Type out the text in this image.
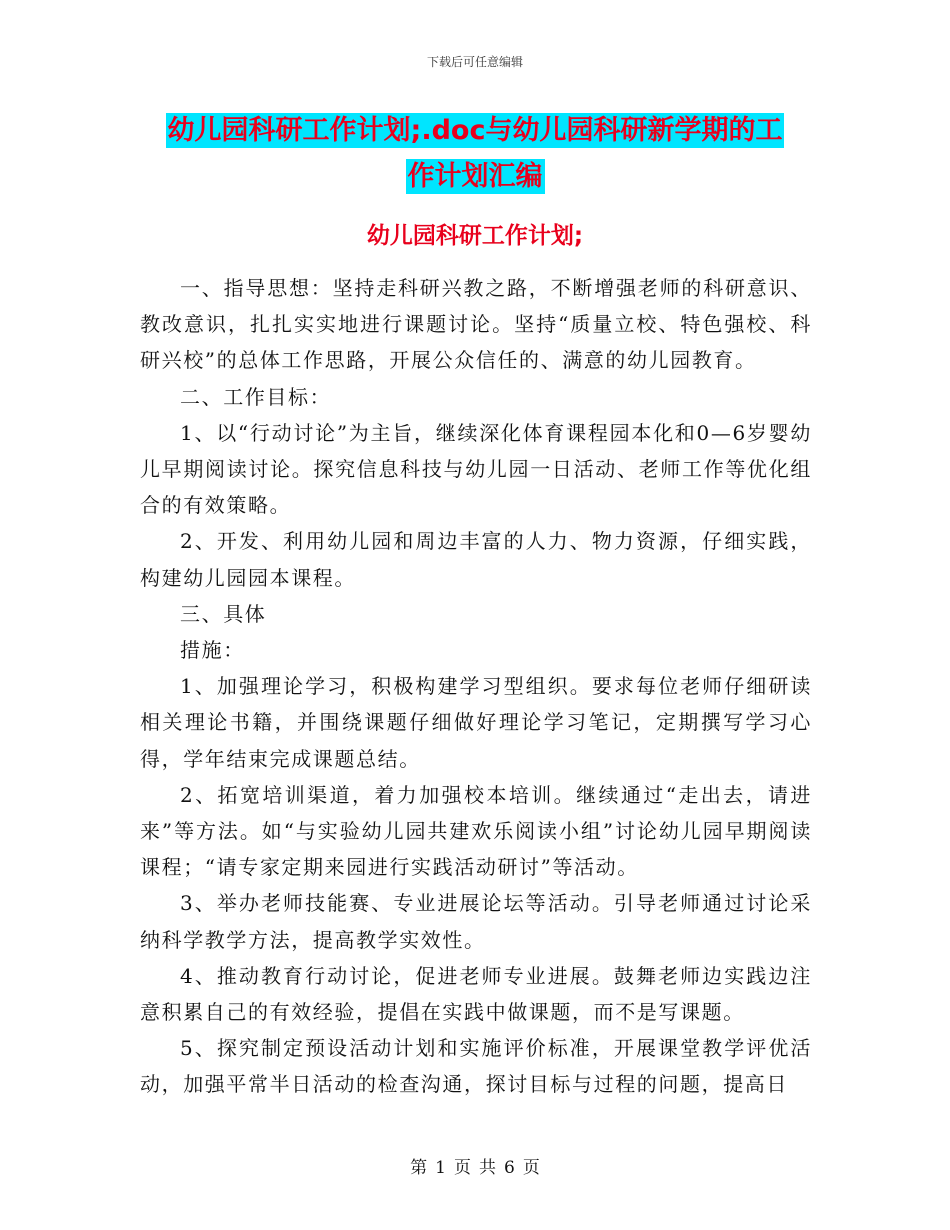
下载后可任意编辑
幼儿园科研工作计划;.doc与幼儿园科研新学期的工
作计划汇编
幼儿园科研工作计划;

一、指导思想：坚持走科研兴教之路，不断增强老师的科研意识、教改意识，扎扎实实地进行课题讨论。坚持“质量立校、特色强校、科研兴校”的总体工作思路，开展公众信任的、满意的幼儿园教育。

二、工作目标：

1、以“行动讨论”为主旨，继续深化体育课程园本化和0—6岁婴幼儿早期阅读讨论。探究信息科技与幼儿园一日活动、老师工作等优化组合的有效策略。

2、开发、利用幼儿园和周边丰富的人力、物力资源，仔细实践，构建幼儿园园本课程。

三、具体

措施：

1、加强理论学习，积极构建学习型组织。要求每位老师仔细研读相关理论书籍，并围绕课题仔细做好理论学习笔记，定期撰写学习心得，学年结束完成课题总结。

2、拓宽培训渠道，着力加强校本培训。继续通过“走出去，请进来”等方法。如“与实验幼儿园共建欢乐阅读小组”讨论幼儿园早期阅读课程；“请专家定期来园进行实践活动研讨”等活动。

3、举办老师技能赛、专业进展论坛等活动。引导老师通过讨论采纳科学教学方法，提高教学实效性。

4、推动教育行动讨论，促进老师专业进展。鼓舞老师边实践边注意积累自己的有效经验，提倡在实践中做课题，而不是写课题。

5、探究制定预设活动计划和实施评价标准，开展课堂教学评优活动，加强平常半日活动的检查沟通，探讨目标与过程的问题，提高日

第 1 页 共 6 页
